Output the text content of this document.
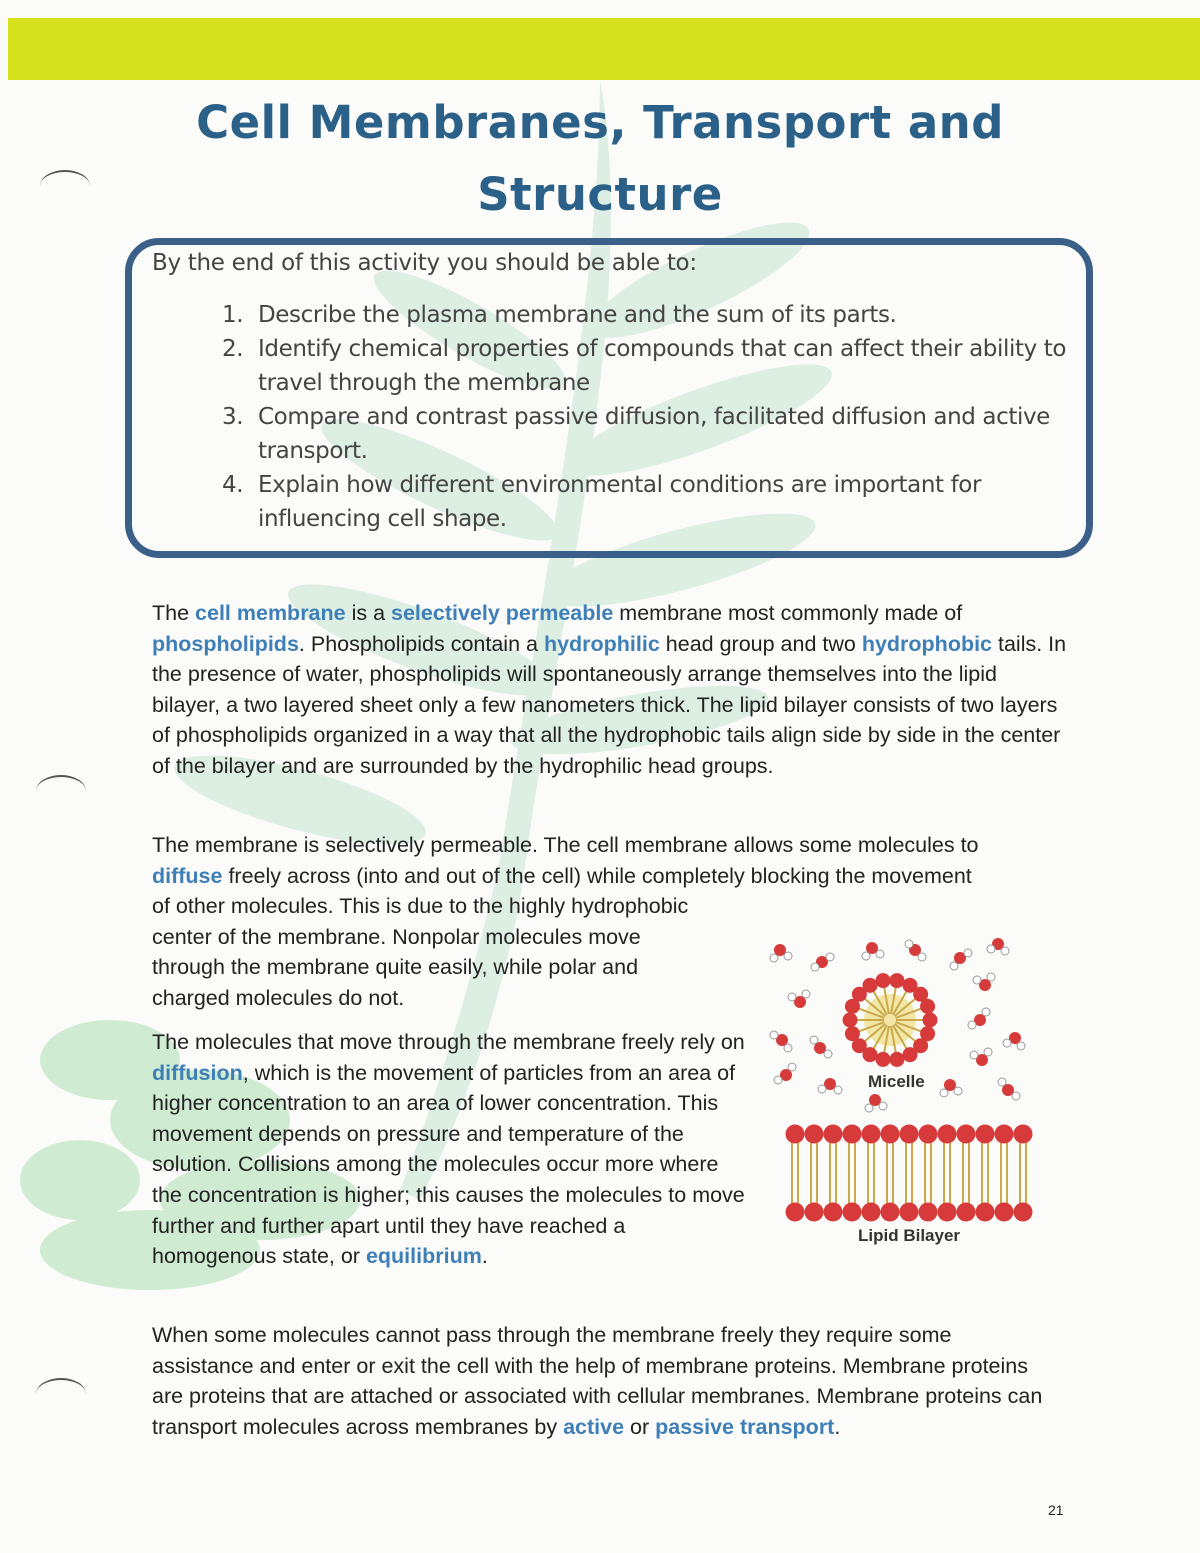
Cell Membranes, Transport and
Structure
By the end of this activity you should be able to:
1. Describe the plasma membrane and the sum of its parts.
2. Identify chemical properties of compounds that can affect their ability to travel through the membrane
3. Compare and contrast passive diffusion, facilitated diffusion and active transport.
4. Explain how different environmental conditions are important for influencing cell shape.
The cell membrane is a selectively permeable membrane most commonly made of phospholipids. Phospholipids contain a hydrophilic head group and two hydrophobic tails. In the presence of water, phospholipids will spontaneously arrange themselves into the lipid bilayer, a two layered sheet only a few nanometers thick. The lipid bilayer consists of two layers of phospholipids organized in a way that all the hydrophobic tails align side by side in the center of the bilayer and are surrounded by the hydrophilic head groups.
The membrane is selectively permeable. The cell membrane allows some molecules to
diffuse freely across (into and out of the cell) while completely blocking the movement
of other molecules. This is due to the highly hydrophobic
center of the membrane. Nonpolar molecules move
through the membrane quite easily, while polar and
charged molecules do not.
The molecules that move through the membrane freely rely on diffusion, which is the movement of particles from an area of higher concentration to an area of lower concentration. This movement depends on pressure and temperature of the solution. Collisions among the molecules occur more where the concentration is higher; this causes the molecules to move further and further apart until they have reached a homogenous state, or equilibrium.
When some molecules cannot pass through the membrane freely they require some assistance and enter or exit the cell with the help of membrane proteins. Membrane proteins are proteins that are attached or associated with cellular membranes. Membrane proteins can transport molecules across membranes by active or passive transport.
Micelle
Lipid Bilayer
21
